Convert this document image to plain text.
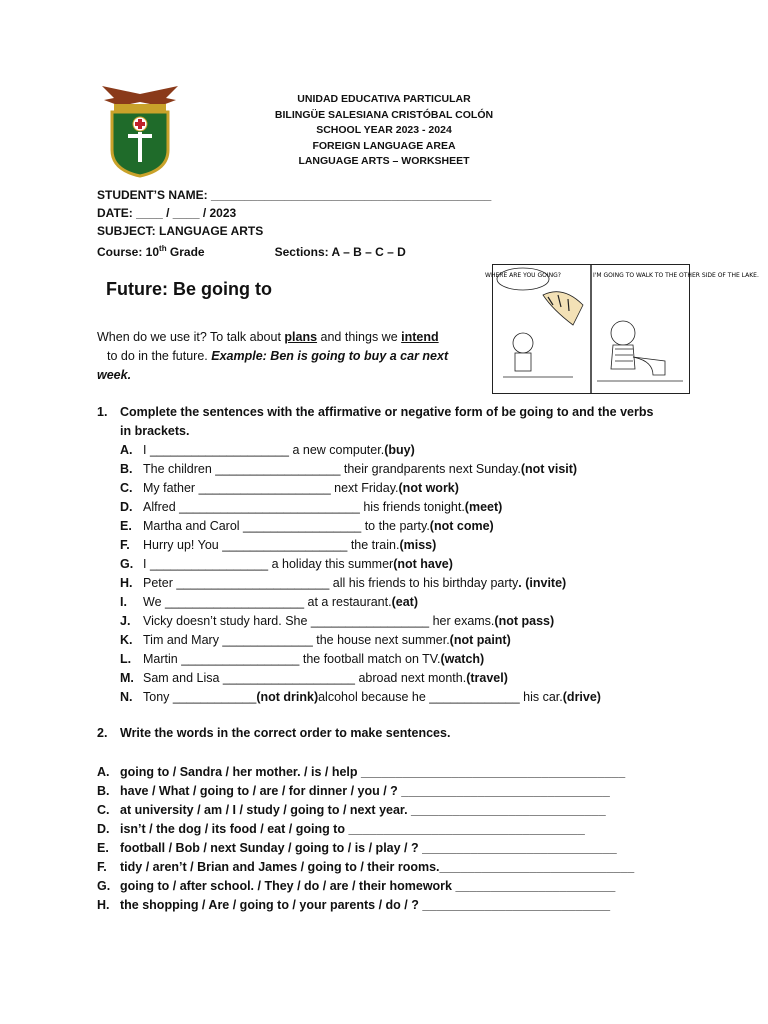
UNIDAD EDUCATIVA PARTICULAR
BILINGÜE SALESIANA CRISTÓBAL COLÓN
SCHOOL YEAR 2023 - 2024
FOREIGN LANGUAGE AREA
LANGUAGE ARTS – WORKSHEET
STUDENT’S NAME: __________________________________________
DATE: ____ / ____ / 2023
SUBJECT: LANGUAGE ARTS
Course: 10th Grade	Sections: A – B – C – D
Future: Be going to
When do we use it? To talk about plans and things we intend
to do in the future. Example: Ben is going to buy a car next week.
WHERE ARE YOU GOING?	I'M GOING TO WALK TO THE OTHER SIDE OF THE LAKE.
1.	Complete the sentences with the affirmative or negative form of be going to and the verbs in brackets.
A. I ____________________ a new computer. (buy)
B. The children __________________ their grandparents next Sunday. (not visit)
C. My father ___________________ next Friday. (not work)
D. Alfred __________________________ his friends tonight. (meet)
E. Martha and Carol _________________ to the party. (not come)
F.	Hurry up! You __________________ the train. (miss)
G. I _________________ a holiday this summer (not have)
H. Peter ______________________ all his friends to his birthday party . (invite)
I.	We ____________________ at a restaurant. (eat)
J.	Vicky doesn’t study hard. She _________________ her exams. (not pass)
K. Tim and Mary _____________ the house next summer. (not paint)
L. Martin _________________ the football match on TV. (watch)
M. Sam and Lisa ___________________ abroad next month. (travel)
N. Tony ____________ (not drink) alcohol because he _____________ his car. (drive)
2.	Write the words in the correct order to make sentences.
A. going to / Sandra / her mother. / is / help ______________________________________
B. have / What / going to / are / for dinner / you / ? ______________________________
C. at university / am / I / study / going to / next year. ____________________________
D. isn’t / the dog / its food / eat / going to __________________________________
E. football / Bob / next Sunday / going to / is / play / ? ____________________________
F.	tidy / aren’t / Brian and James / going to / their rooms.____________________________
G. going to / after school. / They / do / are / their homework _______________________
H. the shopping / Are / going to / your parents / do / ? ___________________________
